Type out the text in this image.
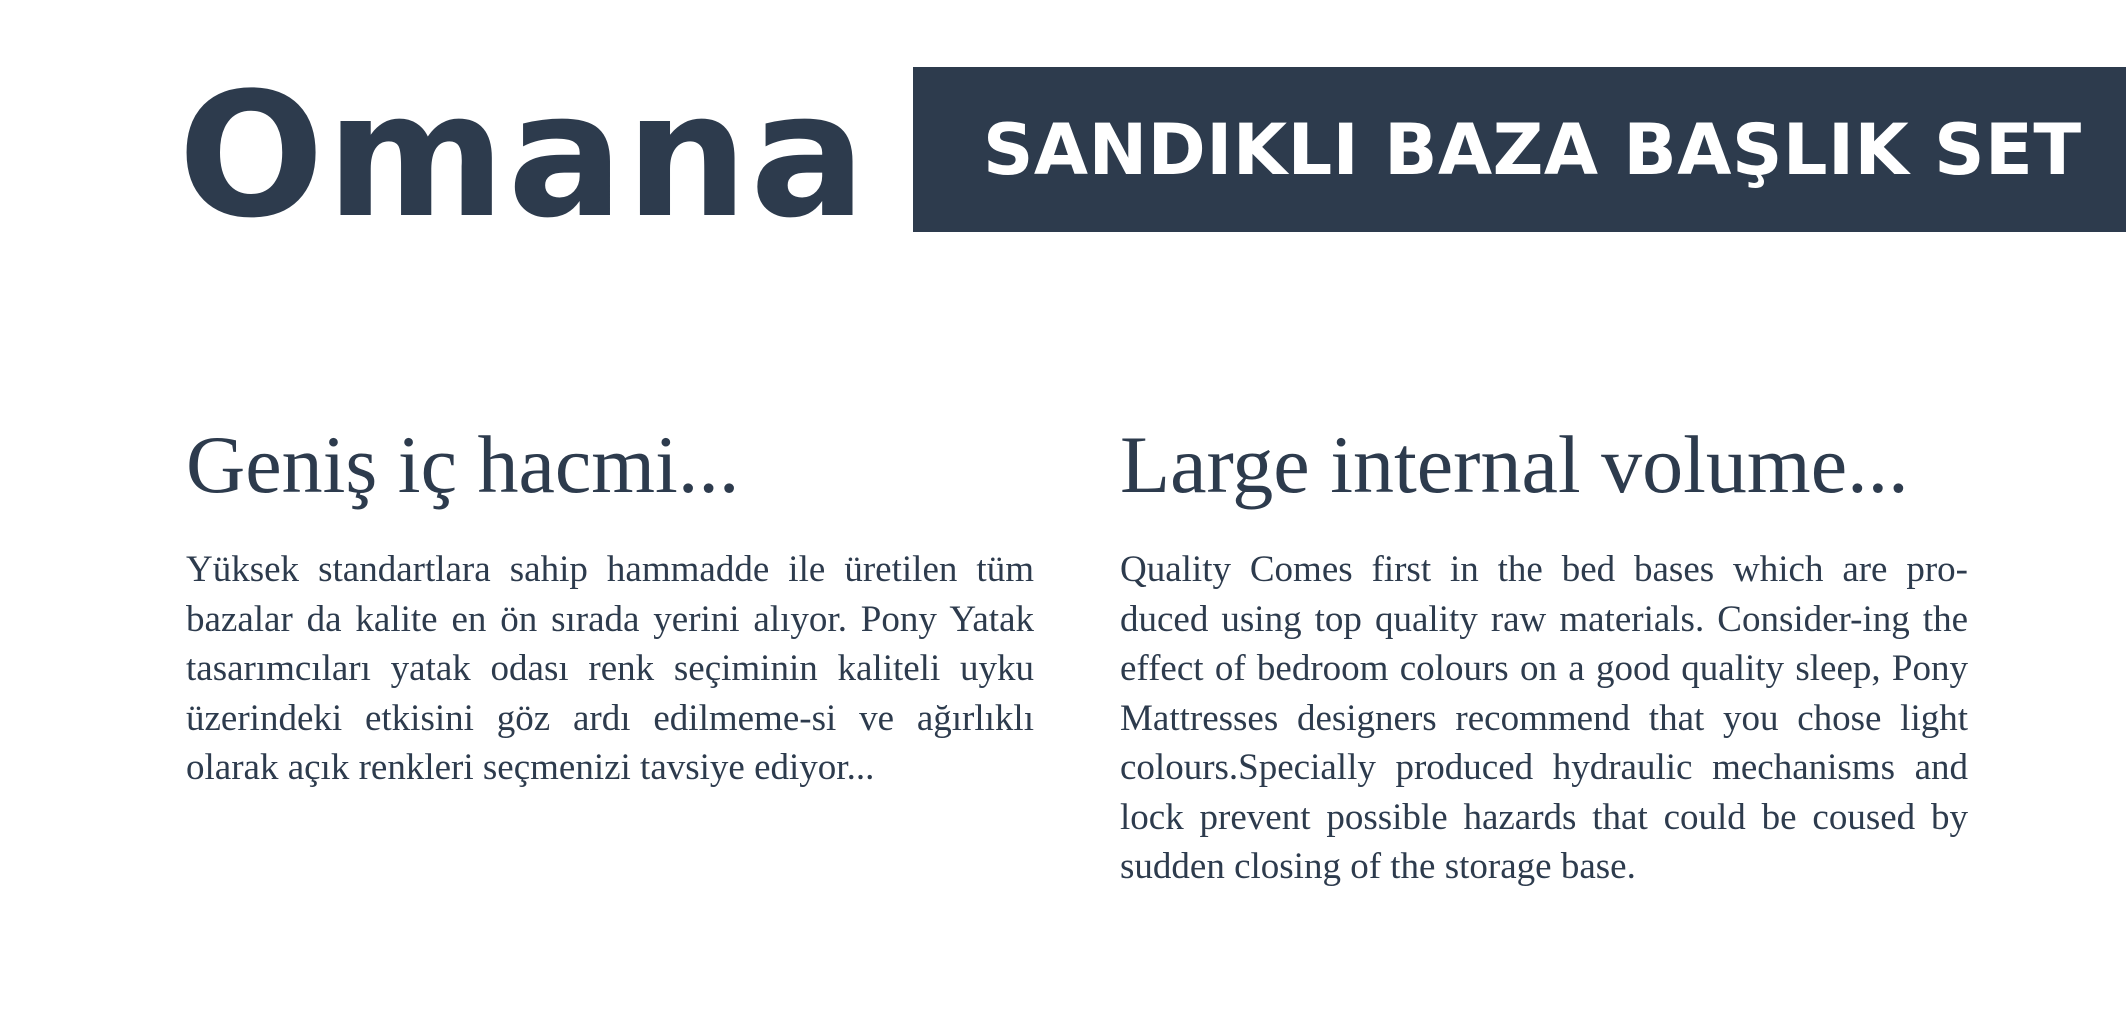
Omana SANDIKLI BAZA BAŞLIK SET
Geniş iç hacmi...

Yüksek standartlara sahip hammadde ile üretilen tüm bazalar da kalite en ön sırada yerini alıyor. Pony Yatak tasarımcıları yatak odası renk seçiminin kaliteli uyku üzerindeki etkisini göz ardı edilmeme-si ve ağırlıklı olarak açık renkleri seçmenizi tavsiye ediyor...

Large internal volume...

Quality Comes first in the bed bases which are pro-duced using top quality raw materials. Consider-ing the effect of bedroom colours on a good quality sleep, Pony Mattresses designers recommend that you chose light colours.Specially produced hydraulic mechanisms and lock prevent possible hazards that could be coused by sudden closing of the storage base.
